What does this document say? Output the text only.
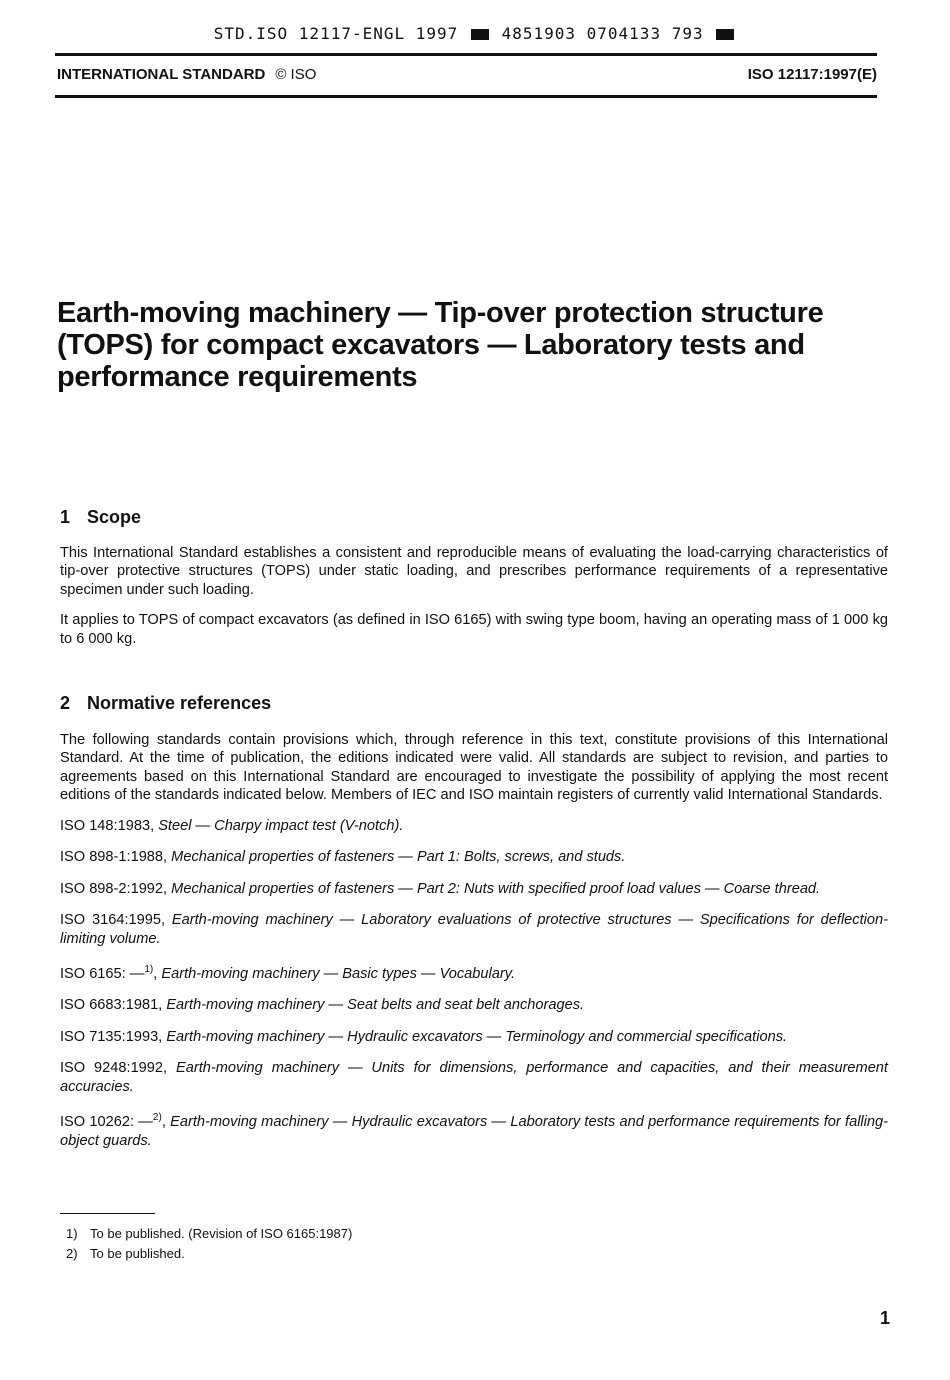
STD.ISO 12117-ENGL 1997	4851903 0704133 793
INTERNATIONAL STANDARD © ISO	ISO 12117:1997(E)
Earth-moving machinery — Tip-over protection structure (TOPS) for compact excavators — Laboratory tests and performance requirements
1 Scope

This International Standard establishes a consistent and reproducible means of evaluating the load-carrying characteristics of tip-over protective structures (TOPS) under static loading, and prescribes performance requirements of a representative specimen under such loading.

It applies to TOPS of compact excavators (as defined in ISO 6165) with swing type boom, having an operating mass of 1 000 kg to 6 000 kg.

2 Normative references

The following standards contain provisions which, through reference in this text, constitute provisions of this International Standard. At the time of publication, the editions indicated were valid. All standards are subject to revision, and parties to agreements based on this International Standard are encouraged to investigate the possibility of applying the most recent editions of the standards indicated below. Members of IEC and ISO maintain registers of currently valid International Standards.

ISO 148:1983, Steel — Charpy impact test (V-notch).
ISO 898-1:1988, Mechanical properties of fasteners — Part 1: Bolts, screws, and studs.
ISO 898-2:1992, Mechanical properties of fasteners — Part 2: Nuts with specified proof load values — Coarse thread.
ISO 3164:1995, Earth-moving machinery — Laboratory evaluations of protective structures — Specifications for deflection-limiting volume.
ISO 6165: —$^{1)}$, Earth-moving machinery — Basic types — Vocabulary.
ISO 6683:1981, Earth-moving machinery — Seat belts and seat belt anchorages.
ISO 7135:1993, Earth-moving machinery — Hydraulic excavators — Terminology and commercial specifications.
ISO 9248:1992, Earth-moving machinery — Units for dimensions, performance and capacities, and their measurement accuracies.
ISO 10262: —$^{2)}$, Earth-moving machinery — Hydraulic excavators — Laboratory tests and performance requirements for falling-object guards.
1) To be published. (Revision of ISO 6165:1987)
2) To be published.
1
